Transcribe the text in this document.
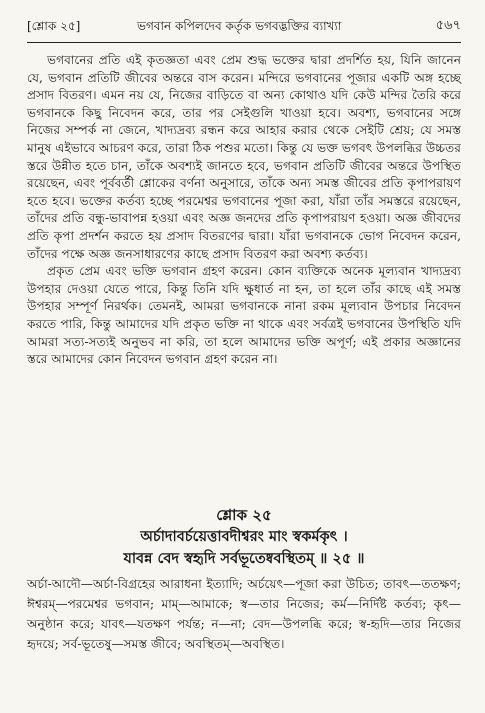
[শ্লোক ২৫]	ভগবান কপিলদেব কর্তৃক ভগবদ্ভক্তির ব্যাখ্যা	৫৬৭

ভগবানের প্রতি এই কৃতজ্ঞতা এবং প্রেম শুদ্ধ ভক্তের দ্বারা প্রদর্শিত হয়, যিনি জানেন যে, ভগবান প্রতিটি জীবের অন্তরে বাস করেন। মন্দিরে ভগবানের পূজার একটি অঙ্গ হচ্ছে প্রসাদ বিতরণ। এমন নয় যে, নিজের বাড়িতে বা অন্য কোথাও যদি কেউ মন্দির তৈরি করে ভগবানকে কিছু নিবেদন করে, তার পর সেইগুলি খাওয়া হবে। অবশ্য, ভগবানের সঙ্গে নিজের সম্পর্ক না জেনে, খাদ্যদ্রব্য রন্ধন করে আহার করার থেকে সেইটি শ্রেয়; যে সমস্ত মানুষ এইভাবে আচরণ করে, তারা ঠিক পশুর মতো। কিন্তু যে ভক্ত ভগবৎ উপলব্ধির উচ্চতর স্তরে উন্নীত হতে চান, তাঁকে অবশ্যই জানতে হবে, ভগবান প্রতিটি জীবের অন্তরে উপস্থিত রয়েছেন, এবং পূর্ববর্তী শ্লোকের বর্ণনা অনুসারে, তাঁকে অন্য সমস্ত জীবের প্রতি কৃপাপরায়ণ হতে হবে। ভক্তের কর্তব্য হচ্ছে পরমেশ্বর ভগবানের পূজা করা, যাঁরা তাঁর সমস্তরে রয়েছেন, তাঁদের প্রতি বন্ধু-ভাবাপন্ন হওয়া এবং অজ্ঞ জনদের প্রতি কৃপাপরায়ণ হওয়া। অজ্ঞ জীবদের প্রতি কৃপা প্রদর্শন করতে হয় প্রসাদ বিতরণের দ্বারা। যাঁরা ভগবানকে ভোগ নিবেদন করেন, তাঁদের পক্ষে অজ্ঞ জনসাধারণের কাছে প্রসাদ বিতরণ করা অবশ্য কর্তব্য।

প্রকৃত প্রেম এবং ভক্তি ভগবান গ্রহণ করেন। কোন ব্যক্তিকে অনেক মূল্যবান খাদ্যদ্রব্য উপহার দেওয়া যেতে পারে, কিন্তু তিনি যদি ক্ষুধার্ত না হন, তা হলে তাঁর কাছে এই সমস্ত উপহার সম্পূর্ণ নিরর্থক। তেমনই, আমরা ভগবানকে নানা রকম মূল্যবান উপচার নিবেদন করতে পারি, কিন্তু আমাদের যদি প্রকৃত ভক্তি না থাকে এবং সর্বত্রই ভগবানের উপস্থিতি যদি আমরা সত্য-সত্যই অনুভব না করি, তা হলে আমাদের ভক্তি অপূর্ণ; এই প্রকার অজ্ঞানের স্তরে আমাদের কোন নিবেদন ভগবান গ্রহণ করেন না।

শ্লোক ২৫
অর্চাদাবর্চয়েত্তাবদীশ্বরং মাং স্বকর্মকৃৎ ।
যাবন্ন বেদ স্বহৃদি সর্বভূতেষ্ববস্থিতম্ ॥ ২৫ ॥
অর্চা-আদৌ—অর্চা-বিগ্রহের আরাধনা ইত্যাদি; অর্চয়েৎ—পূজা করা উচিত; তাবৎ—ততক্ষণ; ঈশ্বরম্—পরমেশ্বর ভগবান; মাম্—আমাকে; স্ব—তার নিজের; কর্ম—নির্দিষ্ট কর্তব্য; কৃৎ—অনুষ্ঠান করে; যাবৎ—যতক্ষণ পর্যন্ত; ন—না; বেদ—উপলব্ধি করে; স্ব-হৃদি—তার নিজের হৃদয়ে; সর্ব-ভূতেষু—সমস্ত জীবে; অবস্থিতম্—অবস্থিত।
